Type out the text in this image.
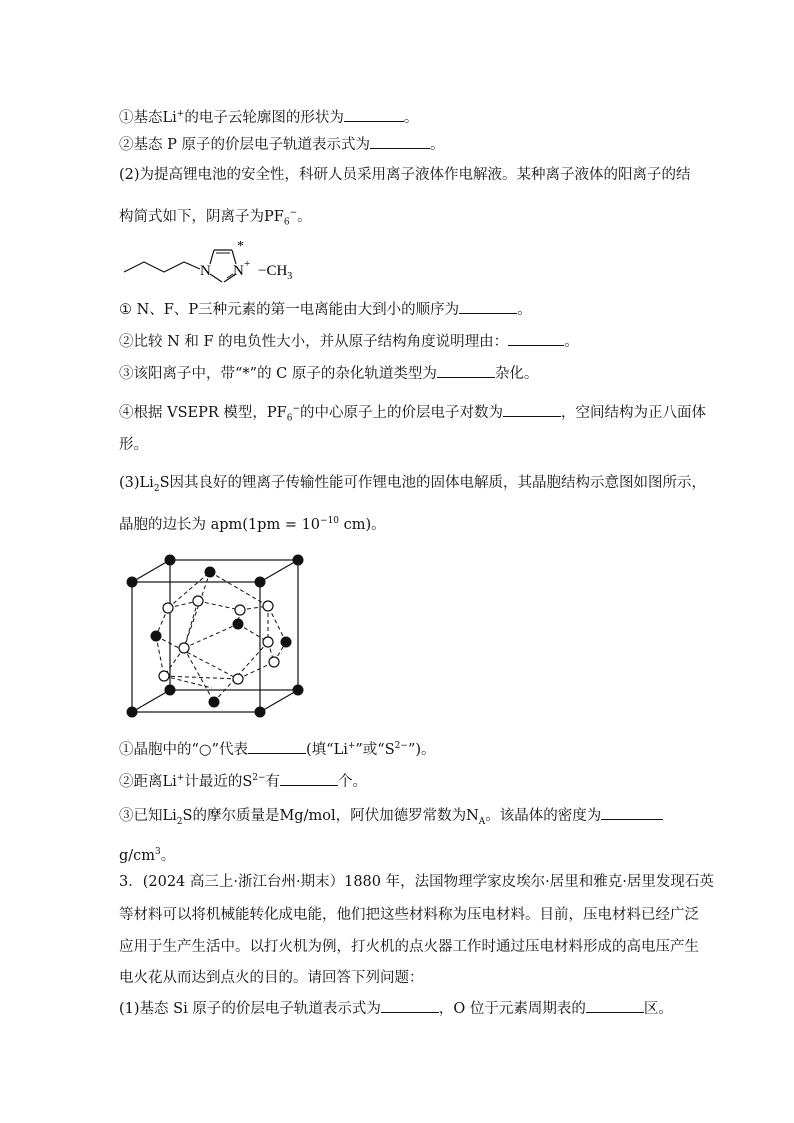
①基态Li+的电子云轮廓图的形状为	。
②基态 P 原子的价层电子轨道表示式为	。
(2)为提高锂电池的安全性，科研人员采用离子液体作电解液。某种离子液体的阳离子的结
构简式如下，阴离子为$PF_6^-$。
N N +
*
$-CH_3$
① N、F、P三种元素的第一电离能由大到小的顺序为	。
②比较 N 和 F 的电负性大小，并从原子结构角度说明理由：	。
③该阳离子中，带“*”的 C 原子的杂化轨道类型为	杂化。
④根据 VSEPR 模型，$PF_6^-$的中心原子上的价层电子对数为	，空间结构为正八面体
形。
$(3)Li_2S$因其良好的锂离子传输性能可作锂电池的固体电解质，其晶胞结构示意图如图所示，
晶胞的边长为 $apm(1pm = 10^{-10}$ cm)。
①晶胞中的“○”代表	(填“Li+”或“$S^{2-}$”)。
②距离Li+计最近的$S^{2-}$有	个。
③已知$Li_2S$的摩尔质量是Mg/mol，阿伏加德罗常数为$N_A$。该晶体的密度为
$g/cm^3$。
3．(2024 高三上·浙江台州·期末）1880 年，法国物理学家皮埃尔·居里和雅克·居里发现石英
等材料可以将机械能转化成电能，他们把这些材料称为压电材料。目前，压电材料已经广泛
应用于生产生活中。以打火机为例，打火机的点火器工作时通过压电材料形成的高电压产生
电火花从而达到点火的目的。请回答下列问题：
(1)基态 Si 原子的价层电子轨道表示式为	，O 位于元素周期表的	区。
